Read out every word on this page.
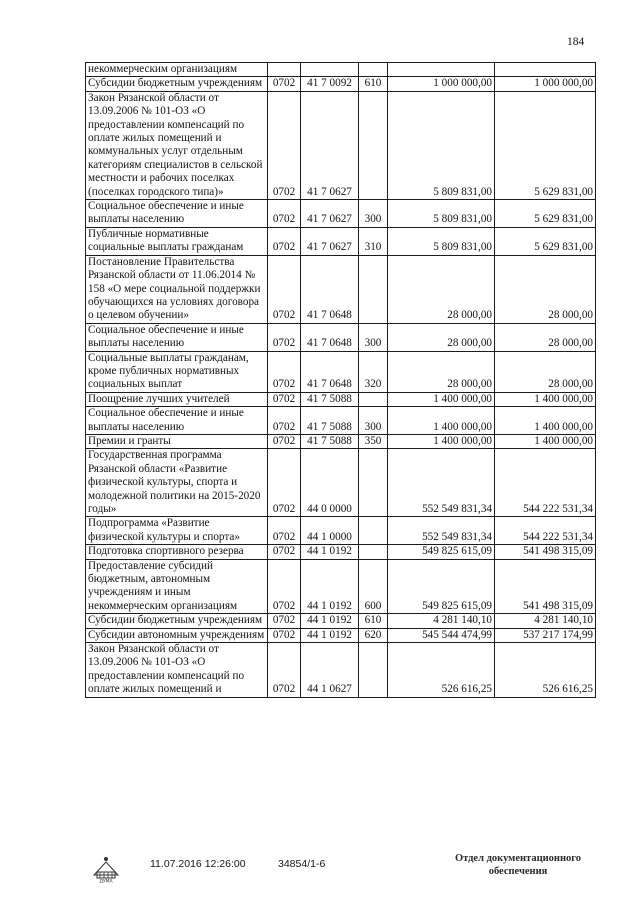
184
некоммерческим организациям					
Субсидии бюджетным учреждениям	0702	41 7 0092	610	1 000 000,00	1 000 000,00
Закон Рязанской области от 13.09.2006 № 101-ОЗ «О предоставлении компенсаций по оплате жилых помещений и коммунальных услуг отдельным категориям специалистов в сельской местности и рабочих поселках (поселках городского типа)»	0702	41 7 0627		5 809 831,00	5 629 831,00
Социальное обеспечение и иные выплаты населению	0702	41 7 0627	300	5 809 831,00	5 629 831,00
Публичные нормативные социальные выплаты гражданам	0702	41 7 0627	310	5 809 831,00	5 629 831,00
Постановление Правительства Рязанской области от 11.06.2014 № 158 «О мере социальной поддержки обучающихся на условиях договора о целевом обучении»	0702	41 7 0648		28 000,00	28 000,00
Социальное обеспечение и иные выплаты населению	0702	41 7 0648	300	28 000,00	28 000,00
Социальные выплаты гражданам, кроме публичных нормативных социальных выплат	0702	41 7 0648	320	28 000,00	28 000,00
Поощрение лучших учителей	0702	41 7 5088		1 400 000,00	1 400 000,00
Социальное обеспечение и иные выплаты населению	0702	41 7 5088	300	1 400 000,00	1 400 000,00
Премии и гранты	0702	41 7 5088	350	1 400 000,00	1 400 000,00
Государственная программа Рязанской области «Развитие физической культуры, спорта и молодежной политики на 2015-2020 годы»	0702	44 0 0000		552 549 831,34	544 222 531,34
Подпрограмма «Развитие физической культуры и спорта»	0702	44 1 0000		552 549 831,34	544 222 531,34
Подготовка спортивного резерва	0702	44 1 0192		549 825 615,09	541 498 315,09
Предоставление субсидий бюджетным, автономным учреждениям и иным некоммерческим организациям	0702	44 1 0192	600	549 825 615,09	541 498 315,09
Субсидии бюджетным учреждениям	0702	44 1 0192	610	4 281 140,10	4 281 140,10
Субсидии автономным учреждениям	0702	44 1 0192	620	545 544 474,99	537 217 174,99
Закон Рязанской области от 13.09.2006 № 101-ОЗ «О предоставлении компенсаций по оплате жилых помещений и	0702	44 1 0627		526 616,25	526 616,25
ДУМА
11.07.2016 12:26:00	34854/1-6	Отдел документационного
обеспечения
